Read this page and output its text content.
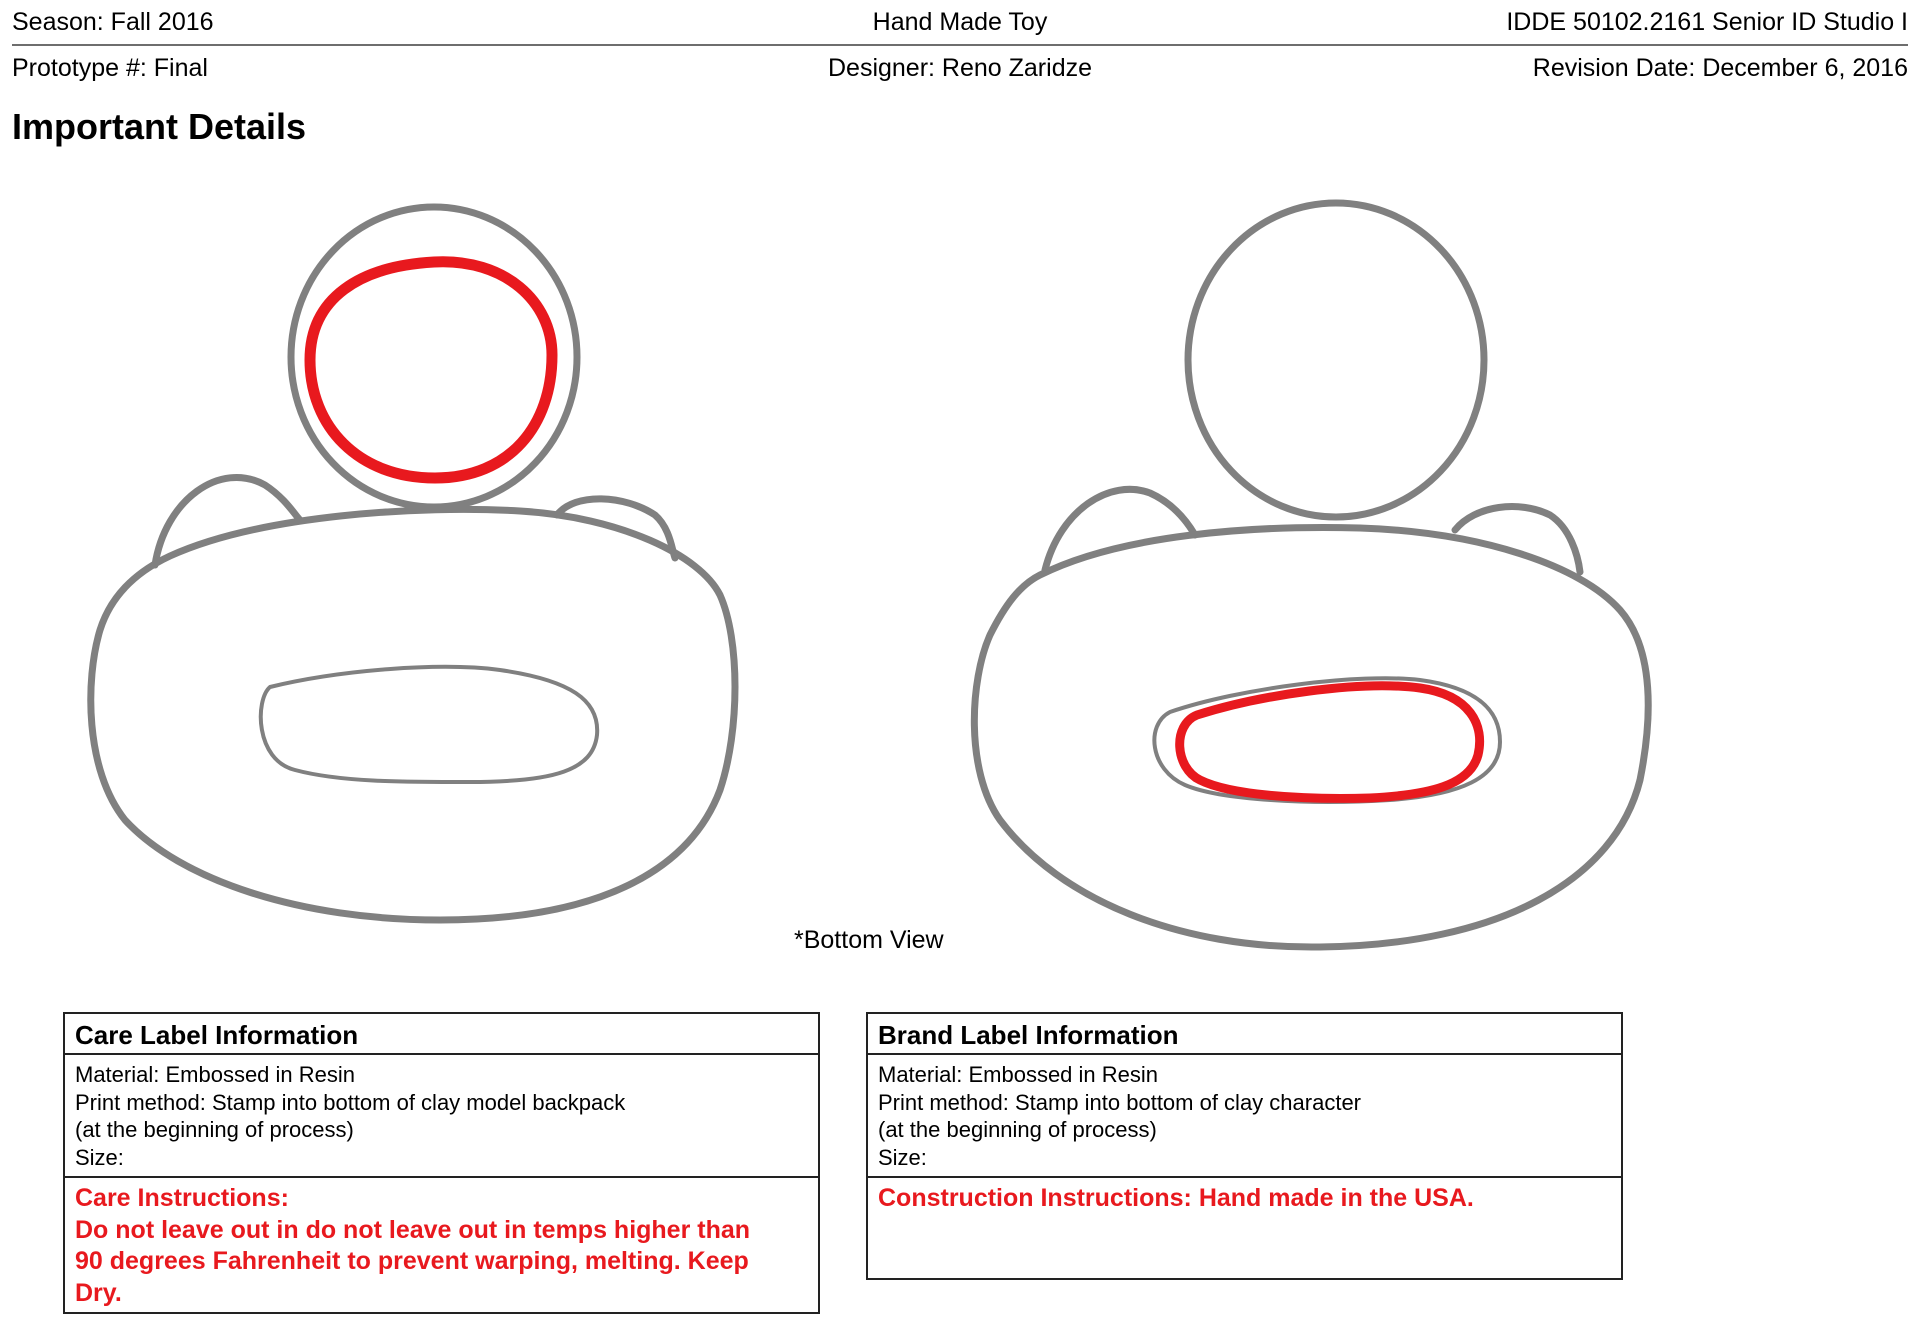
Season: Fall 2016	Hand Made Toy	IDDE 50102.2161 Senior ID Studio I
Prototype #: Final	Designer: Reno Zaridze	Revision Date: December 6, 2016
Important Details
*Bottom View
Care Label Information
Material: Embossed in Resin
Print method: Stamp into bottom of clay model backpack
(at the beginning of process)
Size:
Care Instructions:
Do not leave out in do not leave out in temps higher than
90 degrees Fahrenheit to prevent warping, melting. Keep
Dry.
Brand Label Information
Material: Embossed in Resin
Print method: Stamp into bottom of clay character
(at the beginning of process)
Size:
Construction Instructions: Hand made in the USA.
